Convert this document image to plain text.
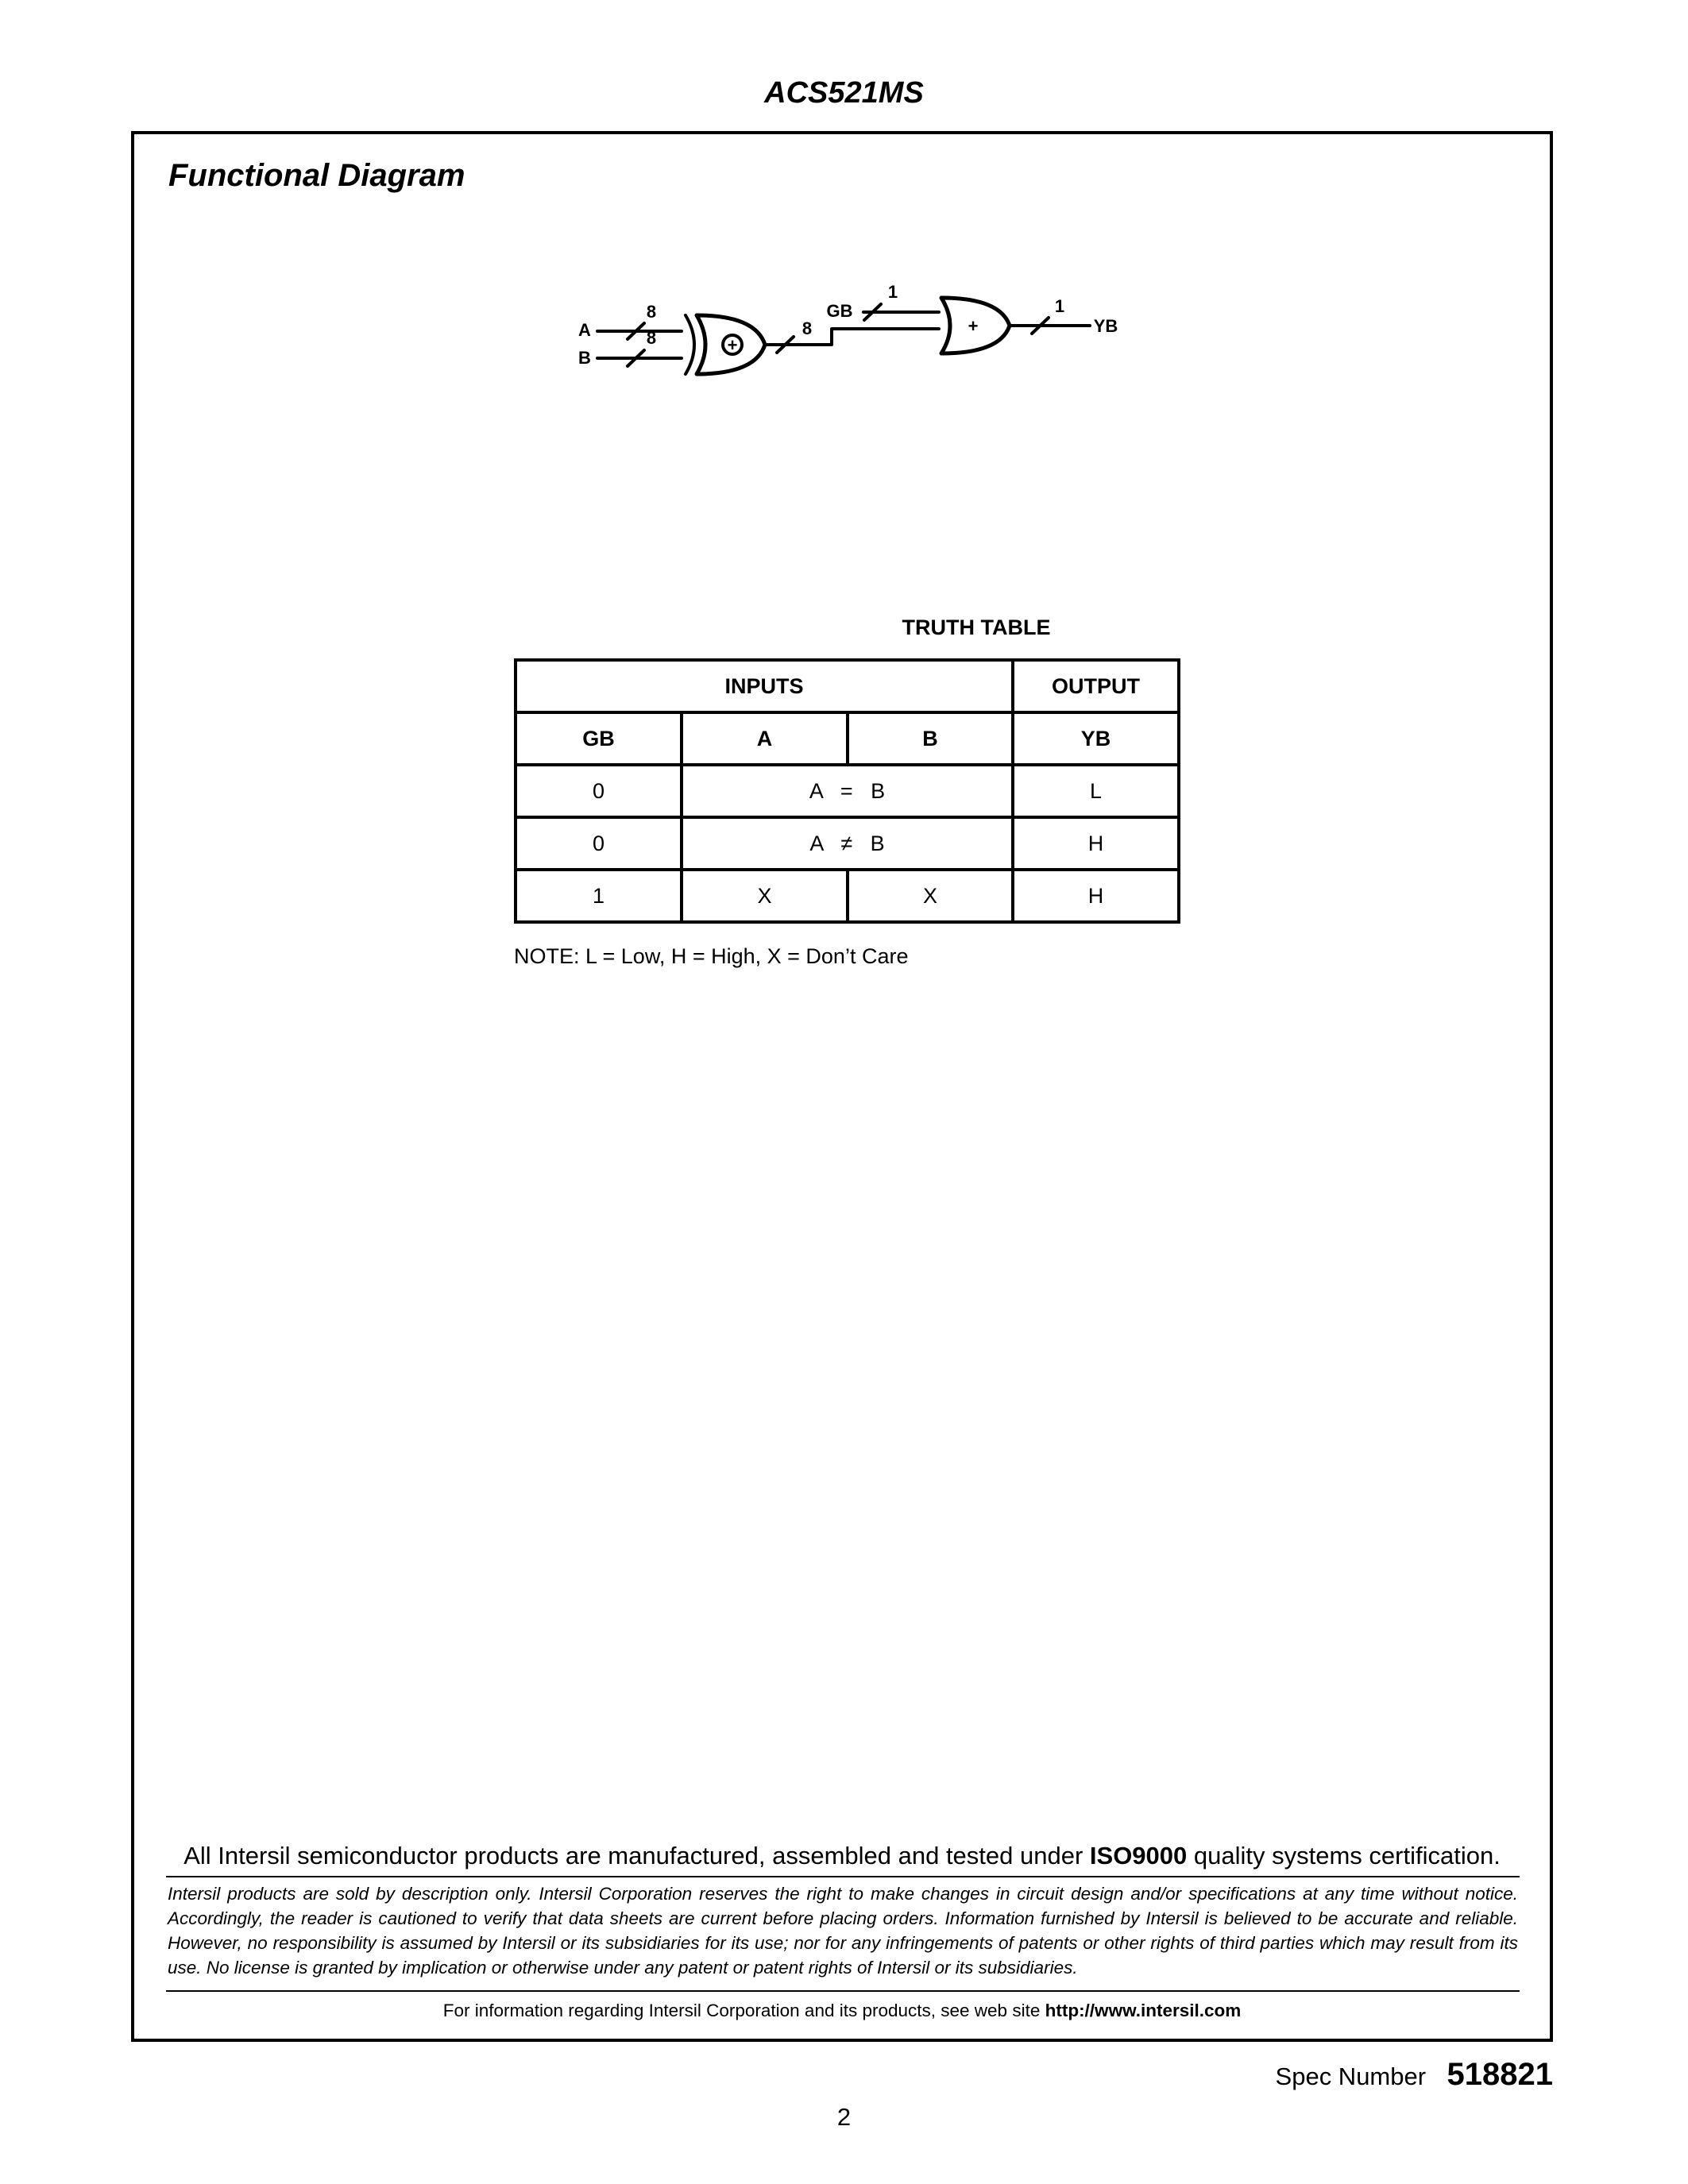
ACS521MS
Functional Diagram
A
B
8
8	+
8
GB
1
+
1
YB
TRUTH TABLE
INPUTS			OUTPUT
GB	A	B	YB
0	A   =   B		L
0	A   ≠   B		H
1	X	X	H
NOTE: L = Low, H = High, X = Don’t Care
All Intersil semiconductor products are manufactured, assembled and tested under ISO9000 quality systems certification.
Intersil products are sold by description only. Intersil Corporation reserves the right to make changes in circuit design and/or specifications at any time without notice. Accordingly, the reader is cautioned to verify that data sheets are current before placing orders. Information furnished by Intersil is believed to be accurate and reliable. However, no responsibility is assumed by Intersil or its subsidiaries for its use; nor for any infringements of patents or other rights of third parties which may result from its use. No license is granted by implication or otherwise under any patent or patent rights of Intersil or its subsidiaries.
For information regarding Intersil Corporation and its products, see web site http://www.intersil.com
Spec Number 518821
2
